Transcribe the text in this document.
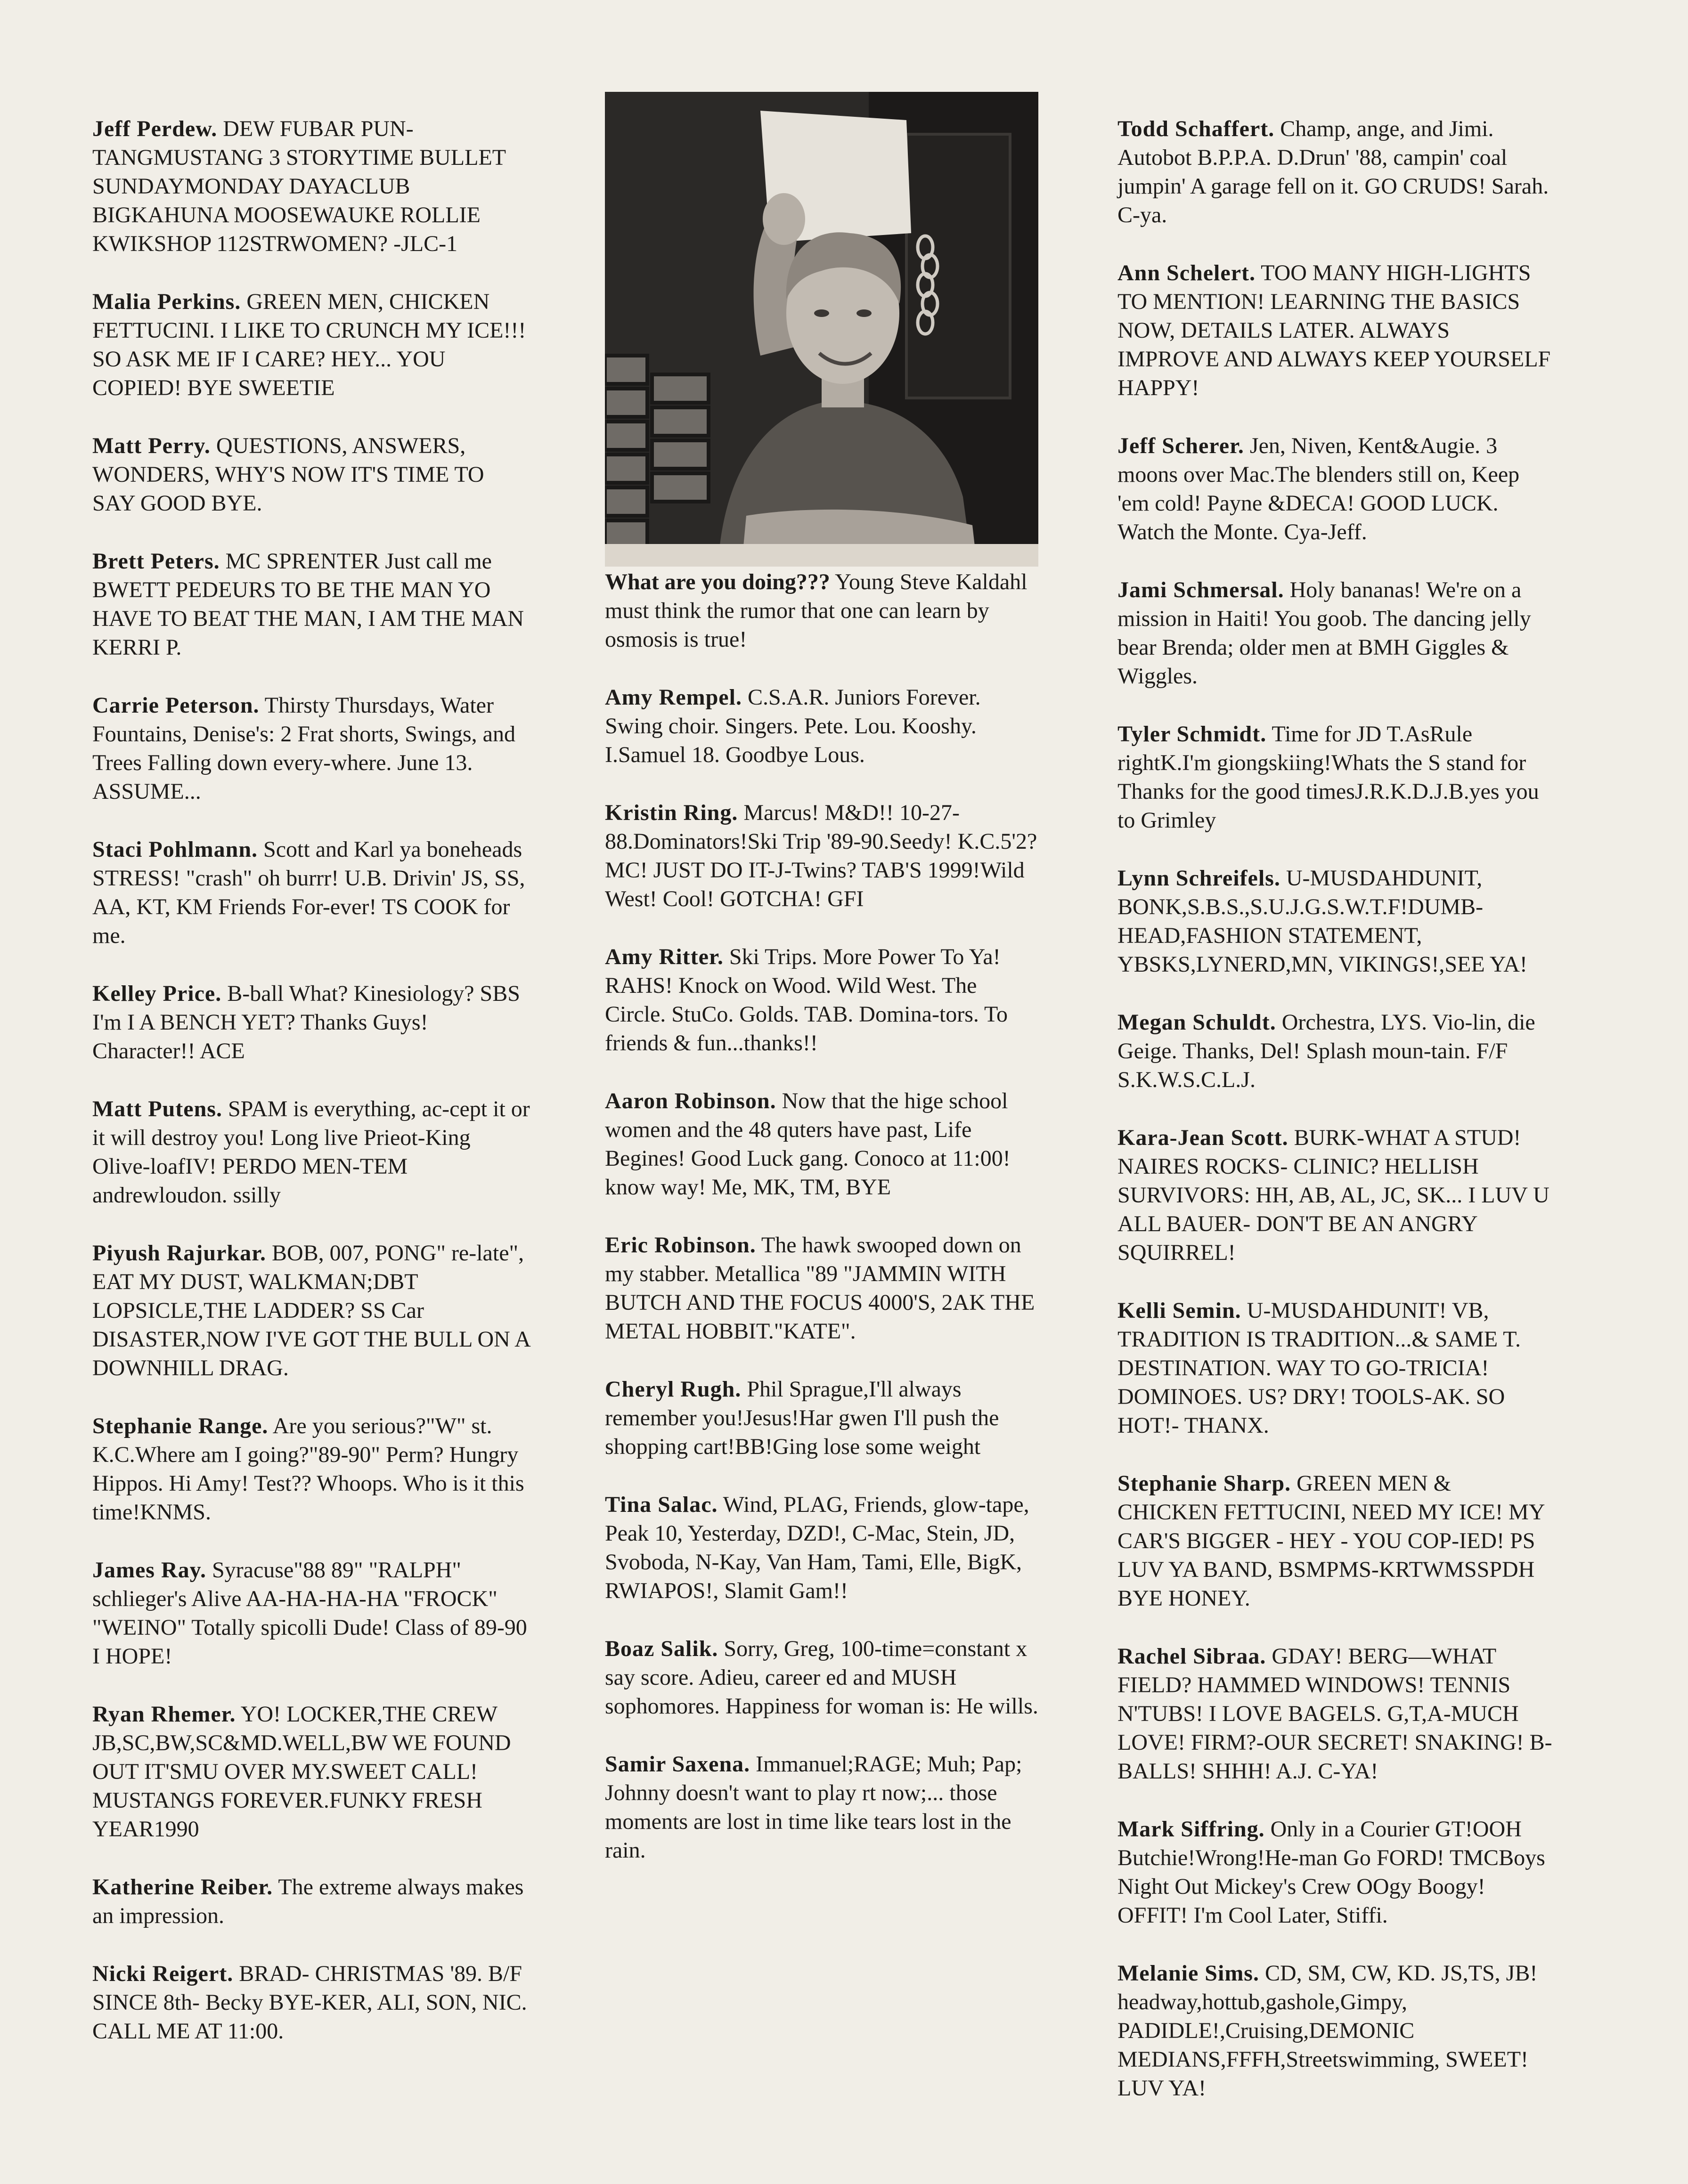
Jeff Perdew. DEW FUBAR PUN-TANGMUSTANG 3 STORYTIME BULLET SUNDAYMONDAY DAYACLUB BIGKAHUNA MOOSEWAUKE ROLLIE KWIKSHOP 112STRWOMEN? -JLC-1

Malia Perkins. GREEN MEN, CHICKEN FETTUCINI. I LIKE TO CRUNCH MY ICE!!! SO ASK ME IF I CARE? HEY... YOU COPIED! BYE SWEETIE

Matt Perry. QUESTIONS, ANSWERS, WONDERS, WHY'S NOW IT'S TIME TO SAY GOOD BYE.

Brett Peters. MC SPRENTER Just call me BWETT PEDEURS TO BE THE MAN YO HAVE TO BEAT THE MAN, I AM THE MAN KERRI P.

Carrie Peterson. Thirsty Thursdays, Water Fountains, Denise's: 2 Frat shorts, Swings, and Trees Falling down every-where. June 13. ASSUME...

Staci Pohlmann. Scott and Karl ya boneheads STRESS! "crash" oh burrr! U.B. Drivin' JS, SS, AA, KT, KM Friends For-ever! TS COOK for me.

Kelley Price. B-ball What? Kinesiology? SBS I'm I A BENCH YET? Thanks Guys! Character!! ACE

Matt Putens. SPAM is everything, ac-cept it or it will destroy you! Long live Prieot-King Olive-loafIV! PERDO MEN-TEM andrewloudon. ssilly

Piyush Rajurkar. BOB, 007, PONG" re-late", EAT MY DUST, WALKMAN;DBT LOPSICLE,THE LADDER? SS Car DISASTER,NOW I'VE GOT THE BULL ON A DOWNHILL DRAG.

Stephanie Range. Are you serious?"W" st. K.C.Where am I going?"89-90" Perm? Hungry Hippos. Hi Amy! Test?? Whoops. Who is it this time!KNMS.

James Ray. Syracuse"88 89" "RALPH" schlieger's Alive AA-HA-HA-HA "FROCK" "WEINO" Totally spicolli Dude! Class of 89-90 I HOPE!

Ryan Rhemer. YO! LOCKER,THE CREW JB,SC,BW,SC&MD.WELL,BW WE FOUND OUT IT'SMU OVER MY.SWEET CALL! MUSTANGS FOREVER.FUNKY FRESH YEAR1990

Katherine Reiber. The extreme always makes an impression.

Nicki Reigert. BRAD- CHRISTMAS '89. B/F SINCE 8th- Becky BYE-KER, ALI, SON, NIC. CALL ME AT 11:00.

What are you doing??? Young Steve Kaldahl must think the rumor that one can learn by osmosis is true!

Amy Rempel. C.S.A.R. Juniors Forever. Swing choir. Singers. Pete. Lou. Kooshy. I.Samuel 18. Goodbye Lous.

Kristin Ring. Marcus! M&D!! 10-27-88.Dominators!Ski Trip '89-90.Seedy! K.C.5'2? MC! JUST DO IT-J-Twins? TAB'S 1999!Wild West! Cool! GOTCHA! GFI

Amy Ritter. Ski Trips. More Power To Ya! RAHS! Knock on Wood. Wild West. The Circle. StuCo. Golds. TAB. Domina-tors. To friends & fun...thanks!!

Aaron Robinson. Now that the hige school women and the 48 quters have past, Life Begines! Good Luck gang. Conoco at 11:00! know way! Me, MK, TM, BYE

Eric Robinson. The hawk swooped down on my stabber. Metallica "89 "JAMMIN WITH BUTCH AND THE FOCUS 4000'S, 2AK THE METAL HOBBIT."KATE".

Cheryl Rugh. Phil Sprague,I'll always remember you!Jesus!Har gwen I'll push the shopping cart!BB!Ging lose some weight

Tina Salac. Wind, PLAG, Friends, glow-tape, Peak 10, Yesterday, DZD!, C-Mac, Stein, JD, Svoboda, N-Kay, Van Ham, Tami, Elle, BigK, RWIAPOS!, Slamit Gam!!

Boaz Salik. Sorry, Greg, 100-time=constant x say score. Adieu, career ed and MUSH sophomores. Happiness for woman is: He wills.

Samir Saxena. Immanuel;RAGE; Muh; Pap; Johnny doesn't want to play rt now;... those moments are lost in time like tears lost in the rain.

Todd Schaffert. Champ, ange, and Jimi. Autobot B.P.P.A. D.Drun' '88, campin' coal jumpin' A garage fell on it. GO CRUDS! Sarah. C-ya.

Ann Schelert. TOO MANY HIGH-LIGHTS TO MENTION! LEARNING THE BASICS NOW, DETAILS LATER. ALWAYS IMPROVE AND ALWAYS KEEP YOURSELF HAPPY!

Jeff Scherer. Jen, Niven, Kent&Augie. 3 moons over Mac.The blenders still on, Keep 'em cold! Payne &DECA! GOOD LUCK. Watch the Monte. Cya-Jeff.

Jami Schmersal. Holy bananas! We're on a mission in Haiti! You goob. The dancing jelly bear Brenda; older men at BMH Giggles & Wiggles.

Tyler Schmidt. Time for JD T.AsRule rightK.I'm giongskiing!Whats the S stand for Thanks for the good timesJ.R.K.D.J.B.yes you to Grimley

Lynn Schreifels. U-MUSDAHDUNIT, BONK,S.B.S.,S.U.J.G.S.W.T.F!DUMB-HEAD,FASHION STATEMENT, YBSKS,LYNERD,MN, VIKINGS!,SEE YA!

Megan Schuldt. Orchestra, LYS. Vio-lin, die Geige. Thanks, Del! Splash moun-tain. F/F S.K.W.S.C.L.J.

Kara-Jean Scott. BURK-WHAT A STUD! NAIRES ROCKS- CLINIC? HELLISH SURVIVORS: HH, AB, AL, JC, SK... I LUV U ALL BAUER- DON'T BE AN ANGRY SQUIRREL!

Kelli Semin. U-MUSDAHDUNIT! VB, TRADITION IS TRADITION...& SAME T. DESTINATION. WAY TO GO-TRICIA! DOMINOES. US? DRY! TOOLS-AK. SO HOT!- THANX.

Stephanie Sharp. GREEN MEN & CHICKEN FETTUCINI, NEED MY ICE! MY CAR'S BIGGER - HEY - YOU COP-IED! PS LUV YA BAND, BSMPMS-KRTWMSSPDH BYE HONEY.

Rachel Sibraa. GDAY! BERG—WHAT FIELD? HAMMED WINDOWS! TENNIS N'TUBS! I LOVE BAGELS. G,T,A-MUCH LOVE! FIRM?-OUR SECRET! SNAKING! B-BALLS! SHHH! A.J. C-YA!

Mark Siffring. Only in a Courier GT!OOH Butchie!Wrong!He-man Go FORD! TMCBoys Night Out Mickey's Crew OOgy Boogy! OFFIT! I'm Cool Later, Stiffi.

Melanie Sims. CD, SM, CW, KD. JS,TS, JB! headway,hottub,gashole,Gimpy, PADIDLE!,Cruising,DEMONIC MEDIANS,FFFH,Streetswimming, SWEET! LUV YA!
